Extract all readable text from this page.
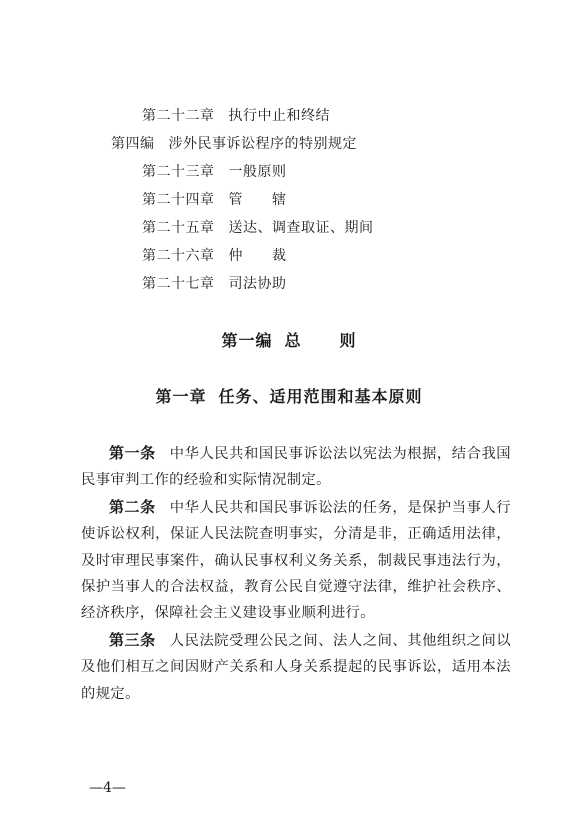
第二十二章 执行中止和终结
第四编 涉外民事诉讼程序的特别规定
第二十三章 一般原则
第二十四章 管　　辖
第二十五章 送达、调查取证、期间
第二十六章 仲　　裁
第二十七章 司法协助
第一编 总 则
第一章 任务、适用范围和基本原则

第一条 中华人民共和国民事诉讼法以宪法为根据，结合我国民事审判工作的经验和实际情况制定。

第二条 中华人民共和国民事诉讼法的任务，是保护当事人行使诉讼权利，保证人民法院查明事实，分清是非，正确适用法律，及时审理民事案件，确认民事权利义务关系，制裁民事违法行为，保护当事人的合法权益，教育公民自觉遵守法律，维护社会秩序、经济秩序，保障社会主义建设事业顺利进行。

第三条 人民法院受理公民之间、法人之间、其他组织之间以及他们相互之间因财产关系和人身关系提起的民事诉讼，适用本法的规定。

—4—
